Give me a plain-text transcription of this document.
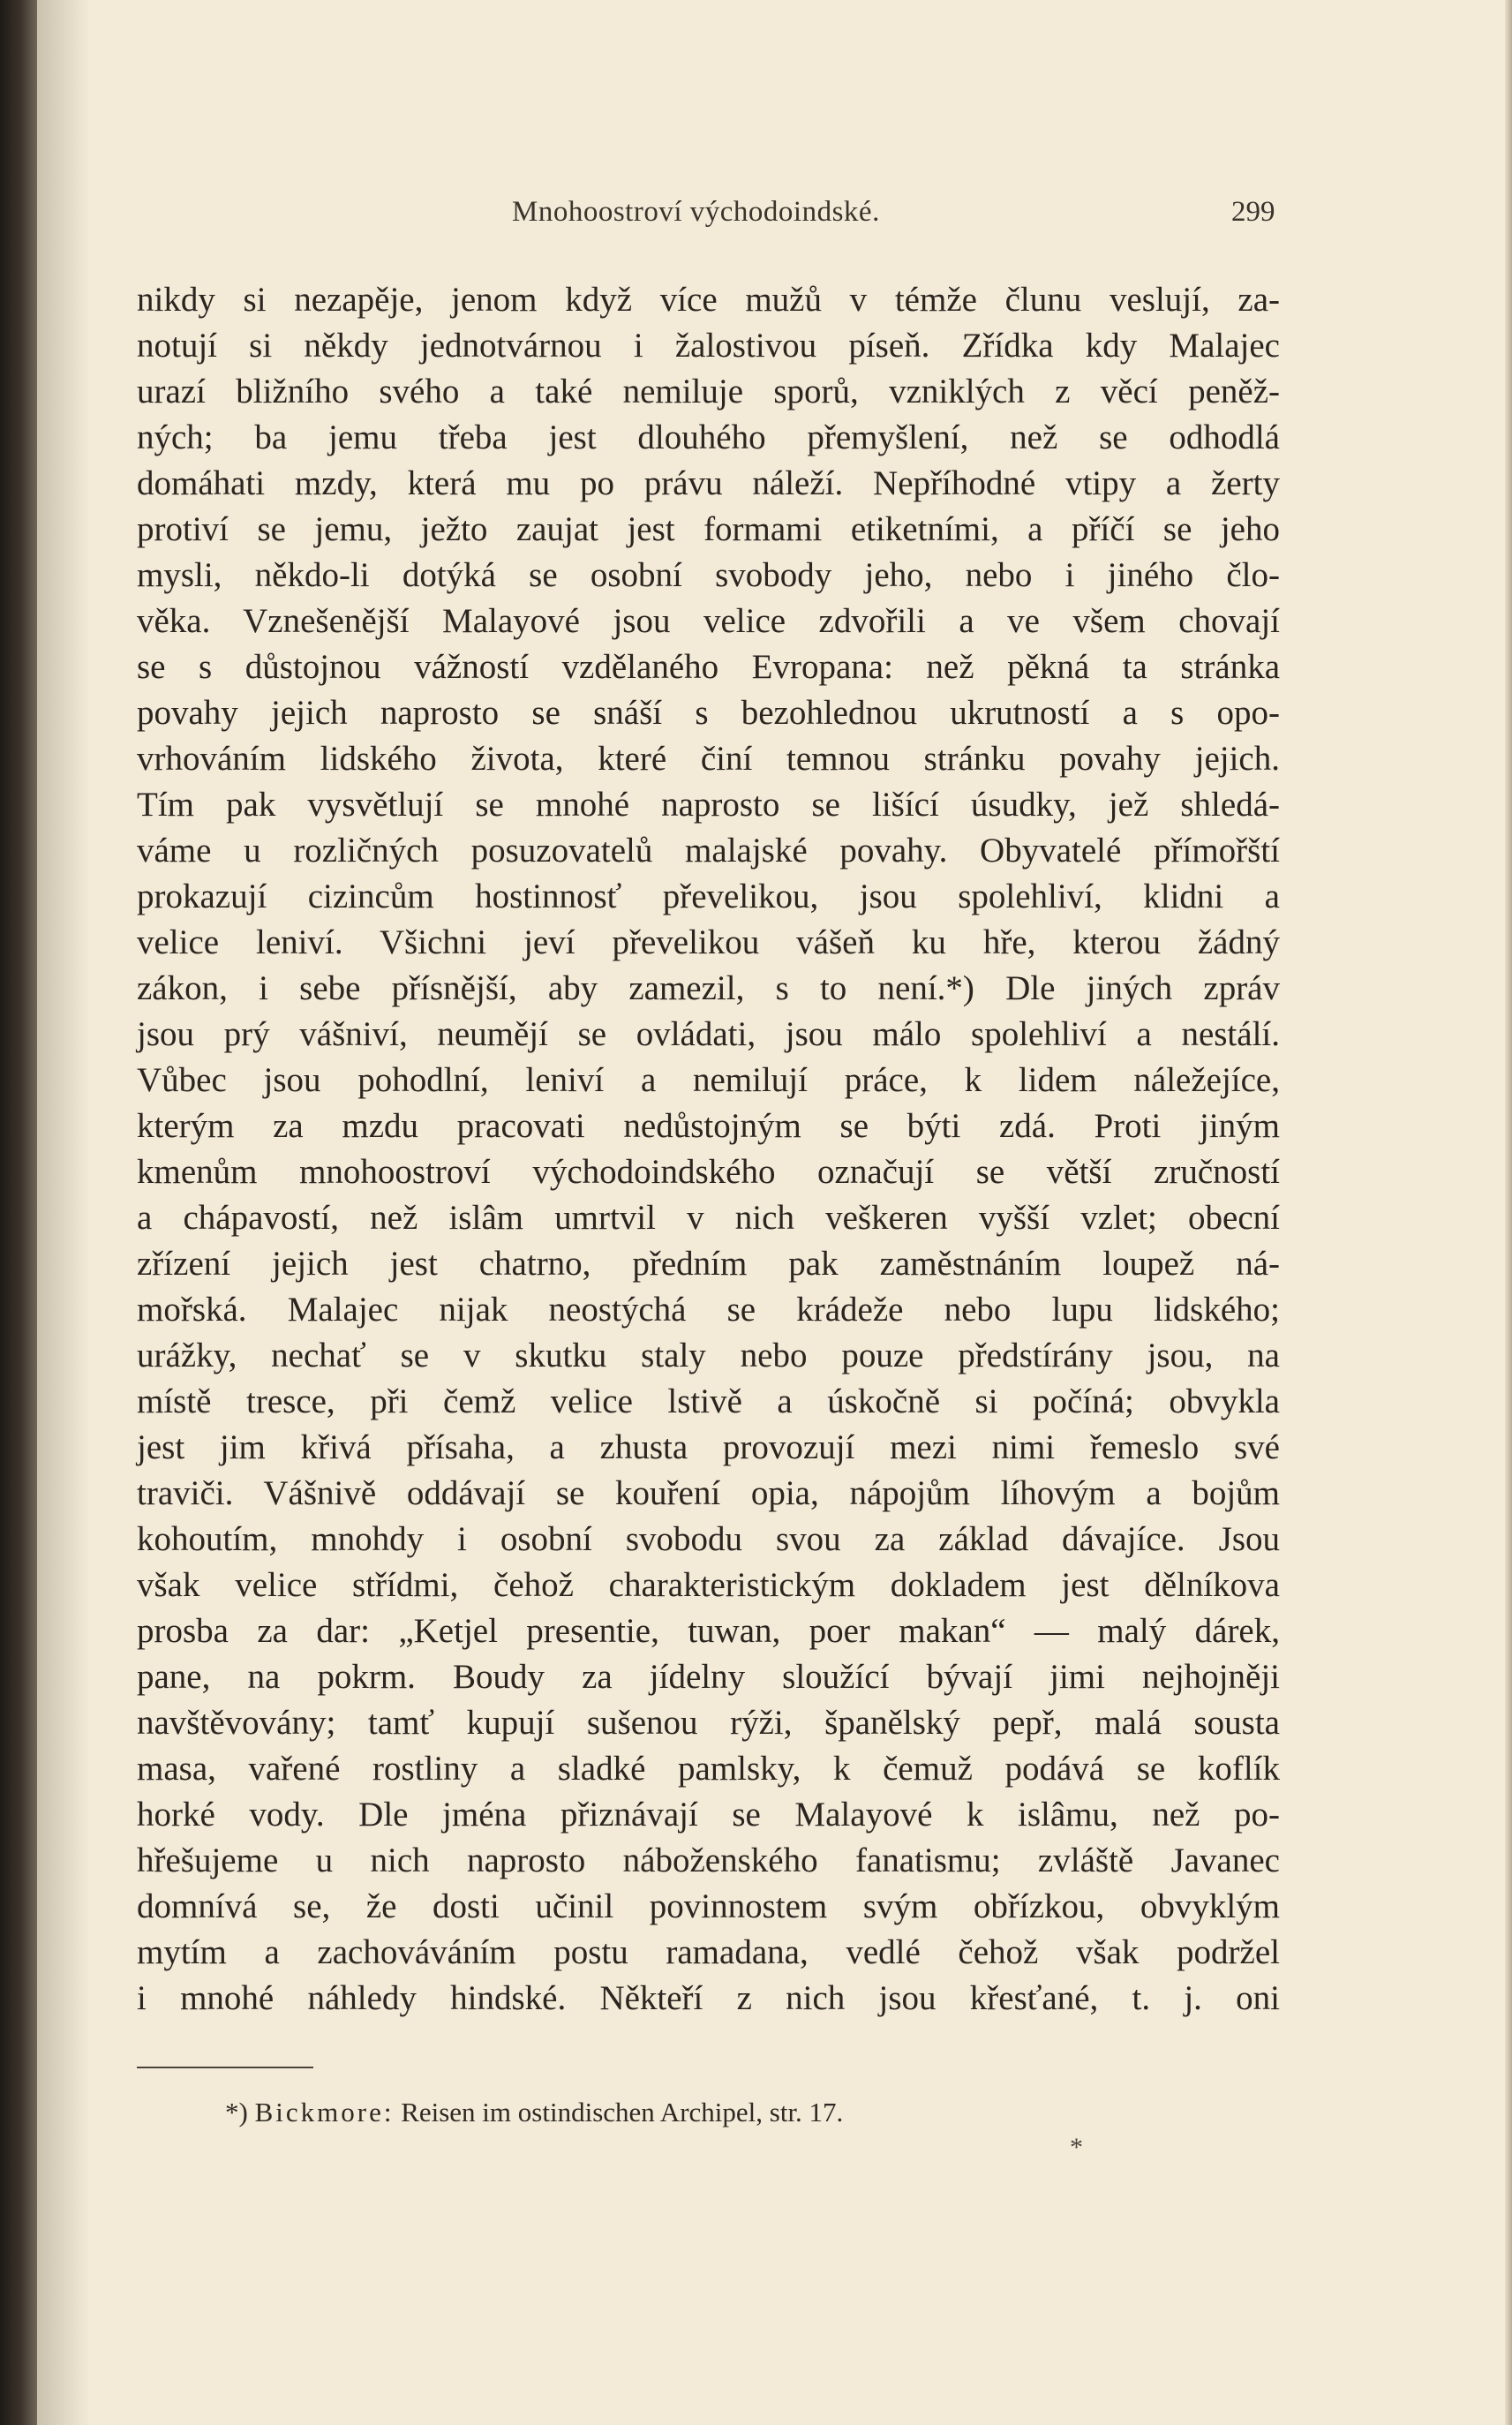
Mnohoostroví východoindské.	299
nikdy si nezapěje, jenom když více mužů v témže člunu veslují, za-
notují si někdy jednotvárnou i žalostivou píseň. Zřídka kdy Malajec
urazí bližního svého a také nemiluje sporů, vzniklých z věcí peněž-
ných; ba jemu třeba jest dlouhého přemyšlení, než se odhodlá
domáhati mzdy, která mu po právu náleží. Nepříhodné vtipy a žerty
protiví se jemu, ježto zaujat jest formami etiketními, a příčí se jeho
mysli, někdo-li dotýká se osobní svobody jeho, nebo i jiného člo-
věka. Vznešenější Malayové jsou velice zdvořili a ve všem chovají
se s důstojnou vážností vzdělaného Evropana: než pěkná ta stránka
povahy jejich naprosto se snáší s bezohlednou ukrutností a s opo-
vrhováním lidského života, které činí temnou stránku povahy jejich.
Tím pak vysvětlují se mnohé naprosto se lišící úsudky, jež shledá-
váme u rozličných posuzovatelů malajské povahy. Obyvatelé přímořští
prokazují cizincům hostinnosť převelikou, jsou spolehliví, klidni a
velice leniví. Všichni jeví převelikou vášeň ku hře, kterou žádný
zákon, i sebe přísnější, aby zamezil, s to není.*) Dle jiných zpráv
jsou prý vášniví, neumějí se ovládati, jsou málo spolehliví a nestálí.
Vůbec jsou pohodlní, leniví a nemilují práce, k lidem náležejíce,
kterým za mzdu pracovati nedůstojným se býti zdá. Proti jiným
kmenům mnohoostroví východoindského označují se větší zručností
a chápavostí, než islâm umrtvil v nich veškeren vyšší vzlet; obecní
zřízení jejich jest chatrno, předním pak zaměstnáním loupež ná-
mořská. Malajec nijak neostýchá se krádeže nebo lupu lidského;
urážky, nechať se v skutku staly nebo pouze předstírány jsou, na
místě tresce, při čemž velice lstivě a úskočně si počíná; obvykla
jest jim křivá přísaha, a zhusta provozují mezi nimi řemeslo své
traviči. Vášnivě oddávají se kouření opia, nápojům líhovým a bojům
kohoutím, mnohdy i osobní svobodu svou za základ dávajíce. Jsou
však velice střídmi, čehož charakteristickým dokladem jest dělníkova
prosba za dar: „Ketjel presentie, tuwan, poer makan“ — malý dárek,
pane, na pokrm. Boudy za jídelny sloužící bývají jimi nejhojněji
navštěvovány; tamť kupují sušenou rýži, španělský pepř, malá sousta
masa, vařené rostliny a sladké pamlsky, k čemuž podává se koflík
horké vody. Dle jména přiznávají se Malayové k islâmu, než po-
hřešujeme u nich naprosto náboženského fanatismu; zvláště Javanec
domnívá se, že dosti učinil povinnostem svým obřízkou, obvyklým
mytím a zachováváním postu ramadana, vedlé čehož však podržel
i mnohé náhledy hindské. Někteří z nich jsou křesťané, t. j. oni
*) Bickmore: Reisen im ostindischen Archipel, str. 17.
*
